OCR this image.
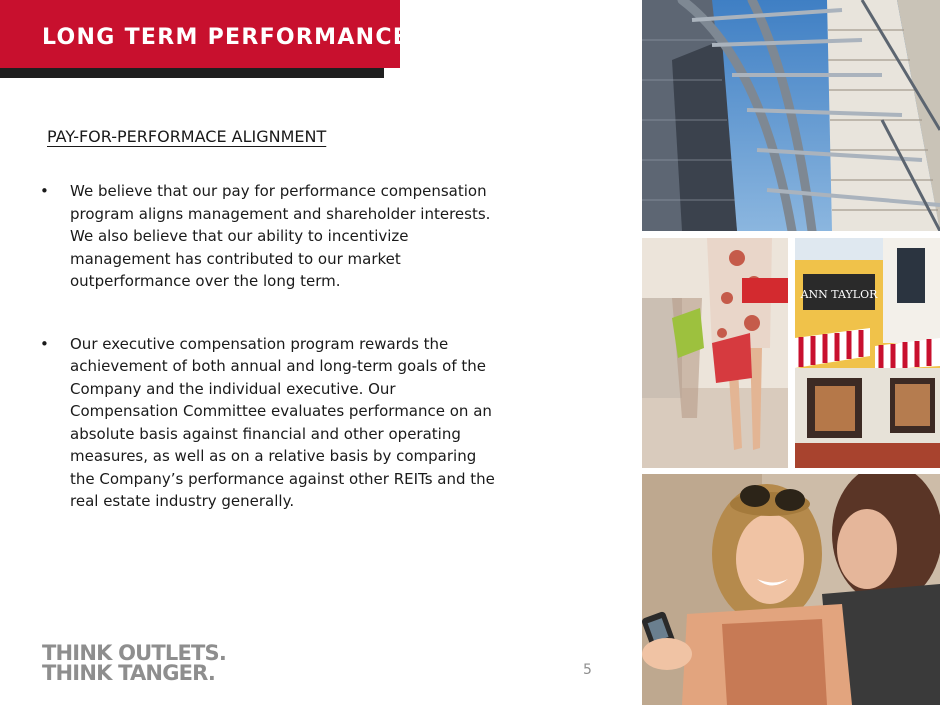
LONG TERM PERFORMANCE
PAY-FOR-PERFORMACE ALIGNMENT
• We believe that our pay for performance compensation program aligns management and shareholder interests. We also believe that our ability to incentivize management has contributed to our market outperformance over the long term.
• Our executive compensation program rewards the achievement of both annual and long-term goals of the Company and the individual executive. Our Compensation Committee evaluates performance on an absolute basis against financial and other operating measures, as well as on a relative basis by comparing the Company’s performance against other REITs and the real estate industry generally.
THINK OUTLETS.
THINK TANGER.	5
ANN TAYLOR
